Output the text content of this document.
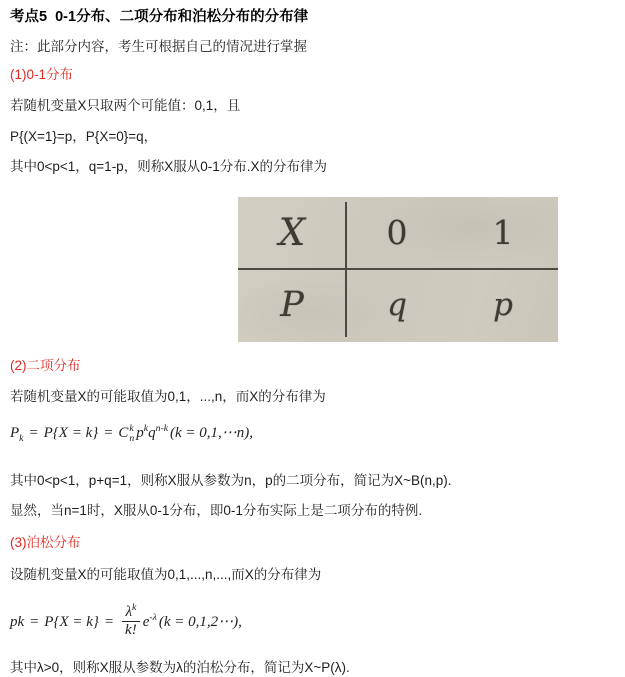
考点5  0-1分布、二项分布和泊松分布的分布律

注：此部分内容，考生可根据自己的情况进行掌握

(1)0-1分布

若随机变量X只取两个可能值：0,1，且

P{(X=1}=p，P{X=0}=q，

其中0<p<1，q=1-p，则称X服从0-1分布.X的分布律为

X	0	1
P	q	p

(2)二项分布

若随机变量X的可能取值为0,1，...,n，而X的分布律为

$P_k = P\{X = k\} = C$ k
n $p^kq^{n-k}$ (k = 0,1,⋯n),

其中0<p<1，p+q=1，则称X服从参数为n，p的二项分布，简记为X~B(n,p).

显然，当n=1时，X服从0-1分布，即0-1分布实际上是二项分布的特例.

(3)泊松分布

设随机变量X的可能取值为0,1,...,n,...,而X的分布律为

pk = $P\{X = k\} = \frac{\lambda^k}{k!} e^{-\lambda}$ (k = 0,1,2⋯),

其中λ>0，则称X服从参数为λ的泊松分布，简记为X~P(λ).
